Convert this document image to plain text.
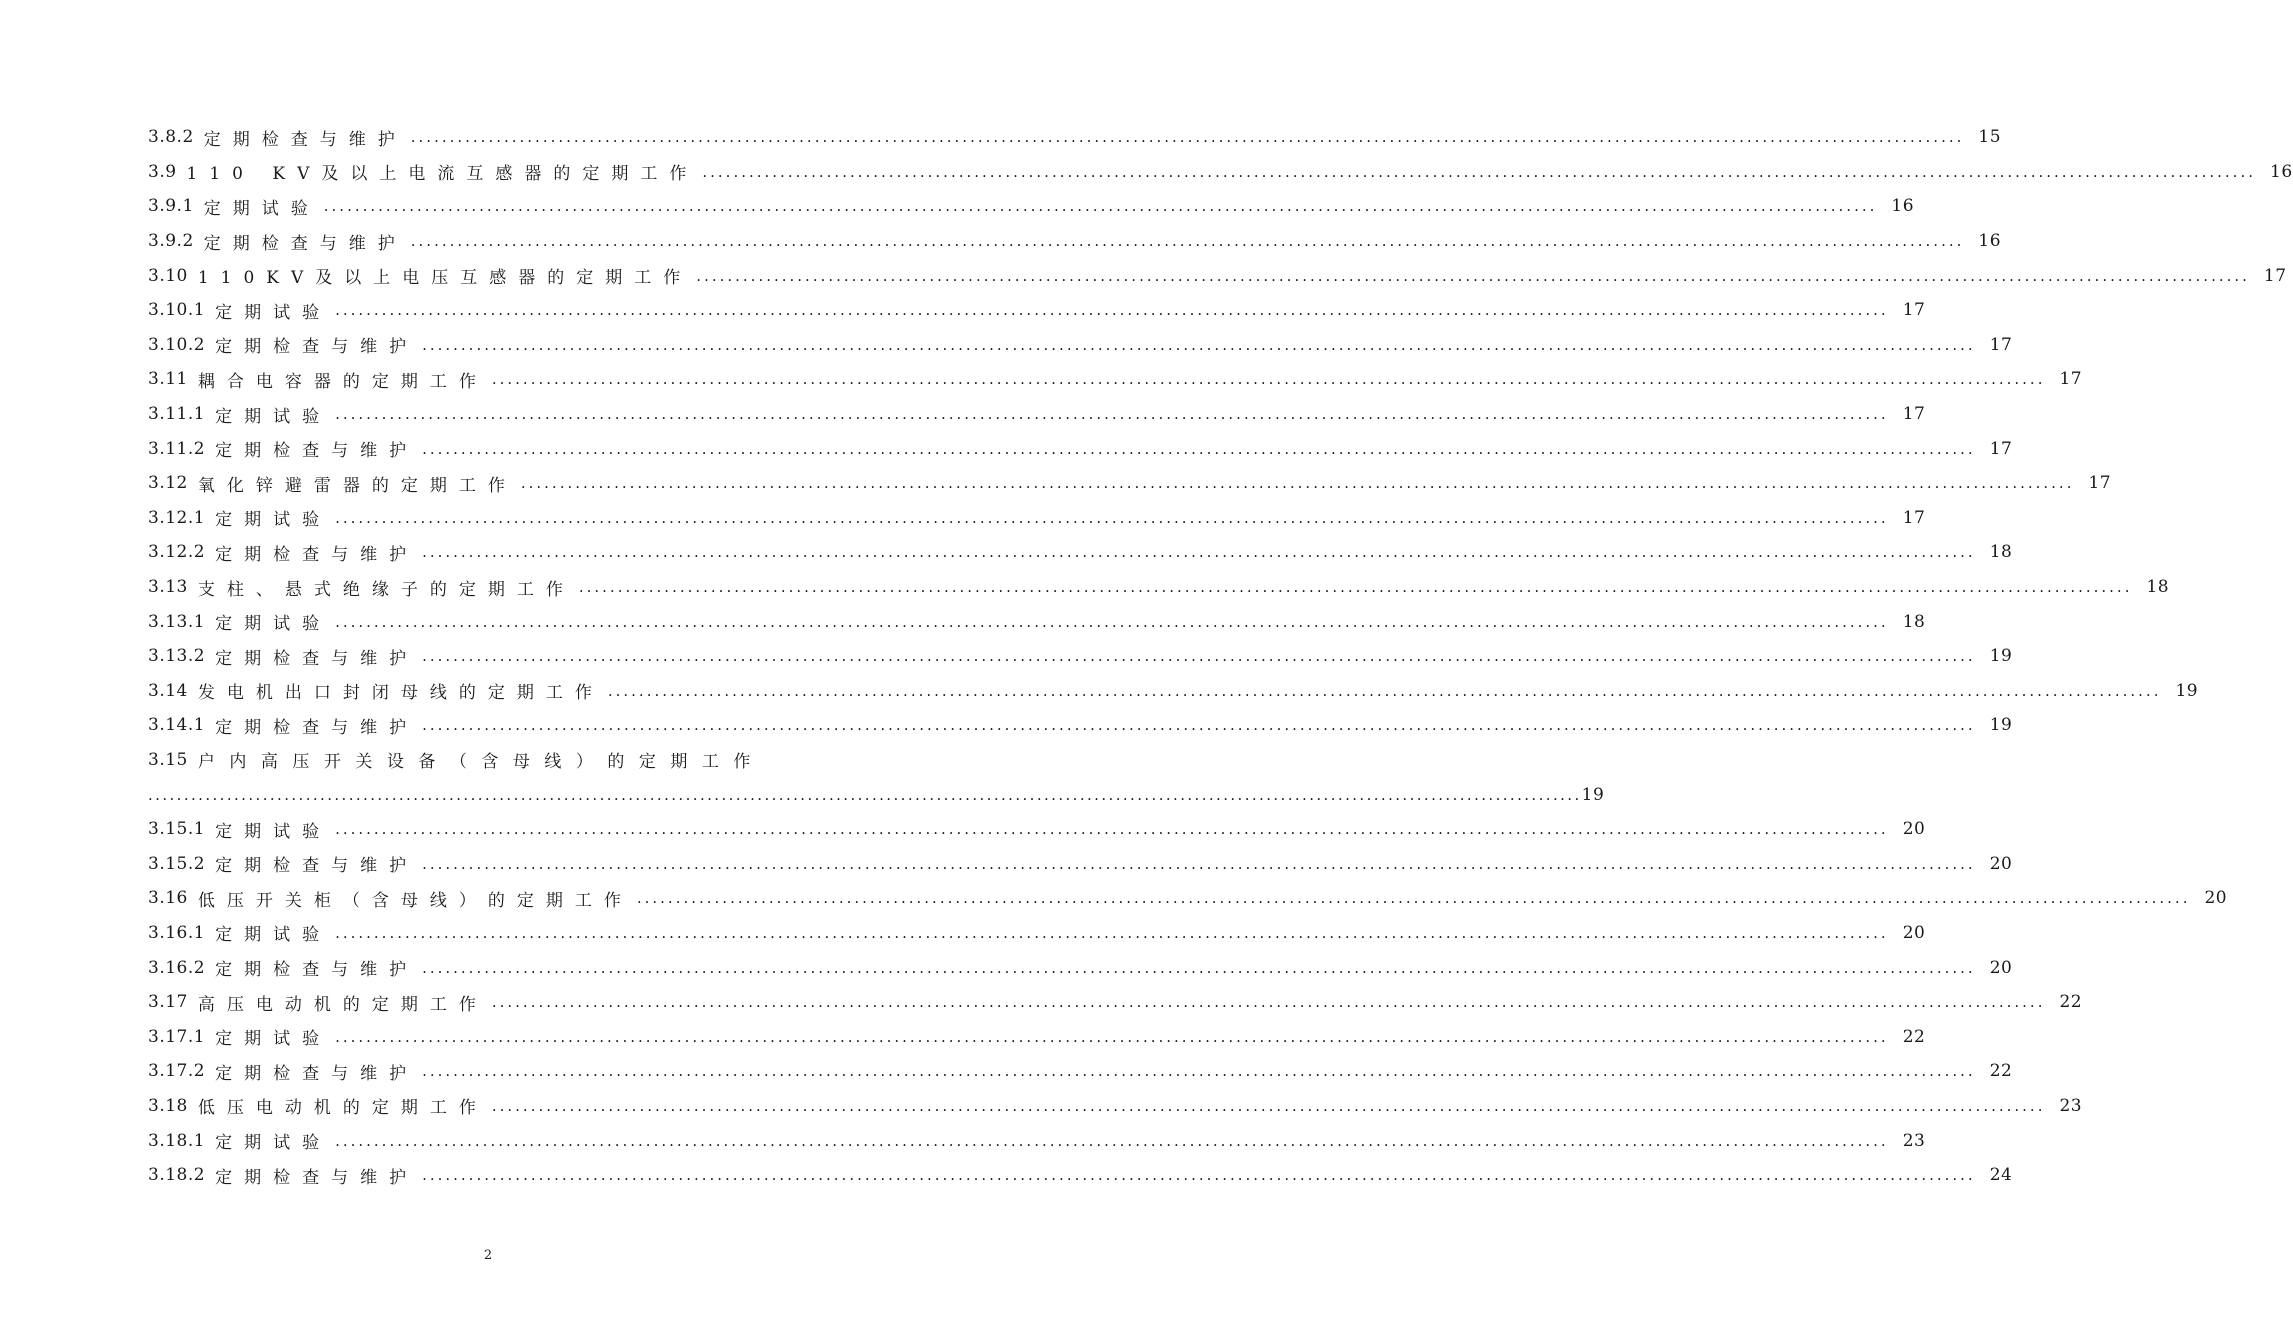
3.8.2 定期检查与维护 ........................................................................................................................................................................................................ 15
3.9 110 KV及以上电流互感器的定期工作 ........................................................................................................................................................................................................ 16
3.9.1 定期试验 ........................................................................................................................................................................................................ 16
3.9.2 定期检查与维护 ........................................................................................................................................................................................................ 16
3.10 110KV及以上电压互感器的定期工作 ........................................................................................................................................................................................................ 17
3.10.1 定期试验 ........................................................................................................................................................................................................ 17
3.10.2 定期检查与维护 ........................................................................................................................................................................................................ 17
3.11 耦合电容器的定期工作 ........................................................................................................................................................................................................ 17
3.11.1 定期试验 ........................................................................................................................................................................................................ 17
3.11.2 定期检查与维护 ........................................................................................................................................................................................................ 17
3.12 氧化锌避雷器的定期工作 ........................................................................................................................................................................................................ 17
3.12.1 定期试验 ........................................................................................................................................................................................................ 17
3.12.2 定期检查与维护 ........................................................................................................................................................................................................ 18
3.13 支柱、悬式绝缘子的定期工作 ........................................................................................................................................................................................................ 18
3.13.1 定期试验 ........................................................................................................................................................................................................ 18
3.13.2 定期检查与维护 ........................................................................................................................................................................................................ 19
3.14 发电机出口封闭母线的定期工作 ........................................................................................................................................................................................................ 19
3.14.1 定期检查与维护 ........................................................................................................................................................................................................ 19
3.15 户内高压开关设备（含母线）的定期工作
........................................................................................................................................................................................................ 19
3.15.1 定期试验 ........................................................................................................................................................................................................ 20
3.15.2 定期检查与维护 ........................................................................................................................................................................................................ 20
3.16 低压开关柜（含母线）的定期工作 ........................................................................................................................................................................................................ 20
3.16.1 定期试验 ........................................................................................................................................................................................................ 20
3.16.2 定期检查与维护 ........................................................................................................................................................................................................ 20
3.17 高压电动机的定期工作 ........................................................................................................................................................................................................ 22
3.17.1 定期试验 ........................................................................................................................................................................................................ 22
3.17.2 定期检查与维护 ........................................................................................................................................................................................................ 22
3.18 低压电动机的定期工作 ........................................................................................................................................................................................................ 23
3.18.1 定期试验 ........................................................................................................................................................................................................ 23
3.18.2 定期检查与维护 ........................................................................................................................................................................................................ 24
2
